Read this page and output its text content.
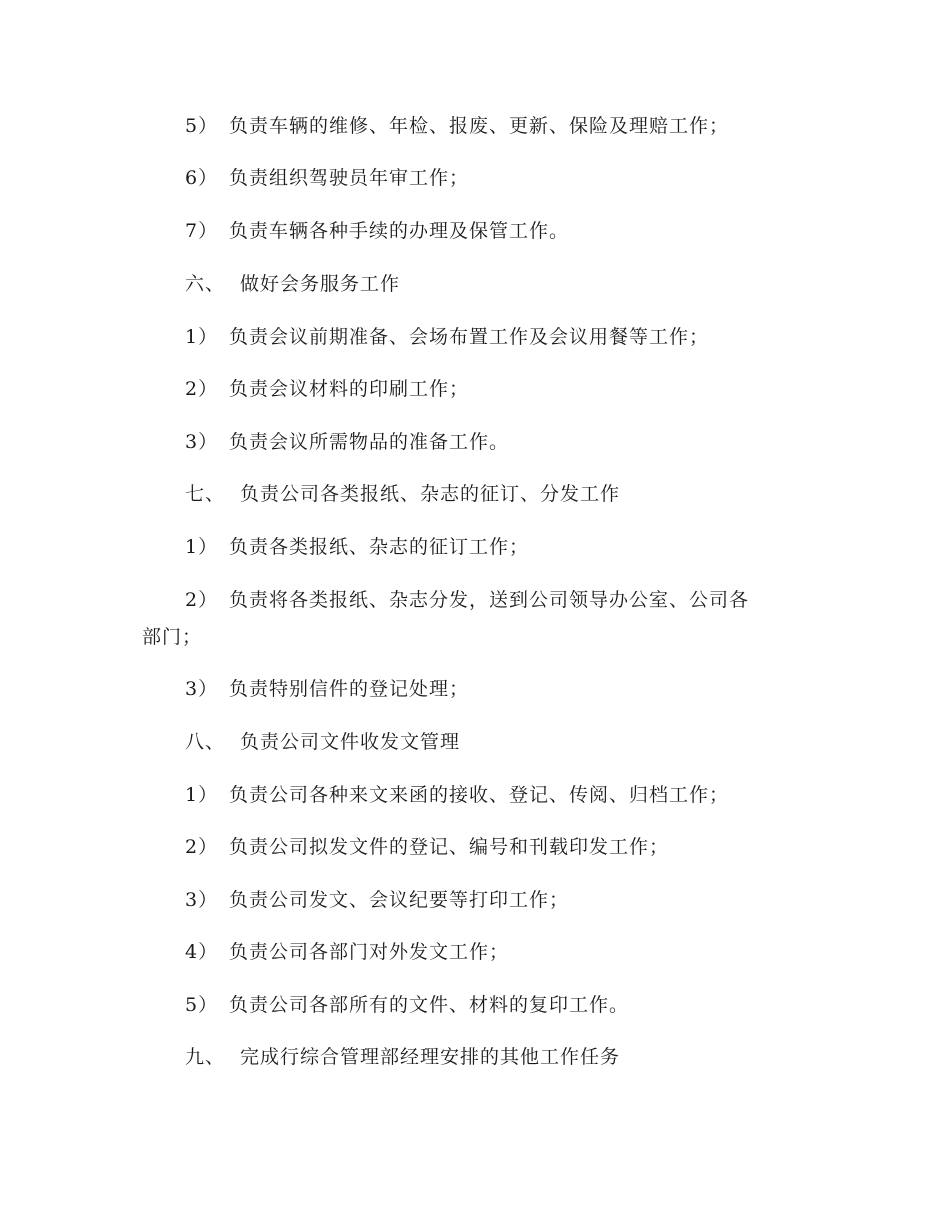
5） 负责车辆的维修、年检、报废、更新、保险及理赔工作；
6） 负责组织驾驶员年审工作；
7） 负责车辆各种手续的办理及保管工作。
六、 做好会务服务工作
1） 负责会议前期准备、会场布置工作及会议用餐等工作；
2） 负责会议材料的印刷工作；
3） 负责会议所需物品的准备工作。
七、 负责公司各类报纸、杂志的征订、分发工作
1） 负责各类报纸、杂志的征订工作；
2） 负责将各类报纸、杂志分发，送到公司领导办公室、公司各
部门；
3） 负责特别信件的登记处理；
八、 负责公司文件收发文管理
1） 负责公司各种来文来函的接收、登记、传阅、归档工作；
2） 负责公司拟发文件的登记、编号和刊载印发工作；
3） 负责公司发文、会议纪要等打印工作；
4） 负责公司各部门对外发文工作；
5） 负责公司各部所有的文件、材料的复印工作。
九、 完成行综合管理部经理安排的其他工作任务
